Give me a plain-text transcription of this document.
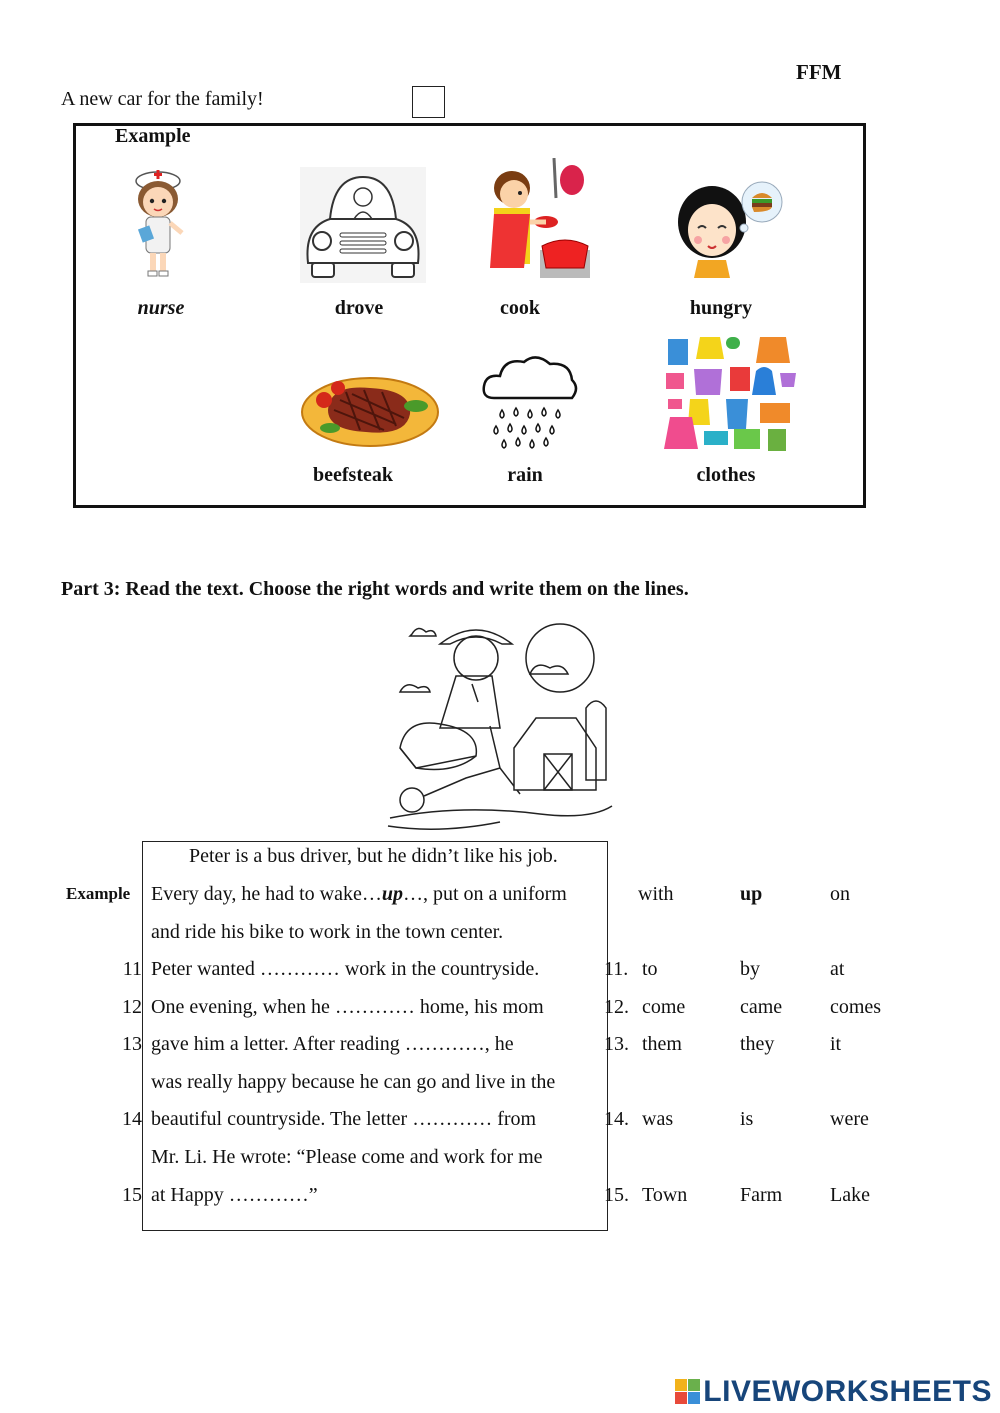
FFM
A new car for the family!
Example
nurse	drove	cook	hungry
beefsteak	rain	clothes
Part 3: Read the text. Choose the right words and write them on the lines.
Example
Peter is a bus driver, but he didn’t like his job.
Every day, he had to wake…up…, put on a uniform
and ride his bike to work in the town center.
Peter wanted ………… work in the countryside.
One evening, when he ………… home, his mom
gave him a letter. After reading …………, he
was really happy because he can go and live in the
beautiful countryside. The letter ………… from
Mr. Li. He wrote: “Please come and work for me
at Happy …………”
11
12
13
14
15
with	up	on
11. to	by	at
12. come	came comes
13. them	they	it
14. was	is	were
15. Town	Farm Lake
LIVEWORKSHEETS
